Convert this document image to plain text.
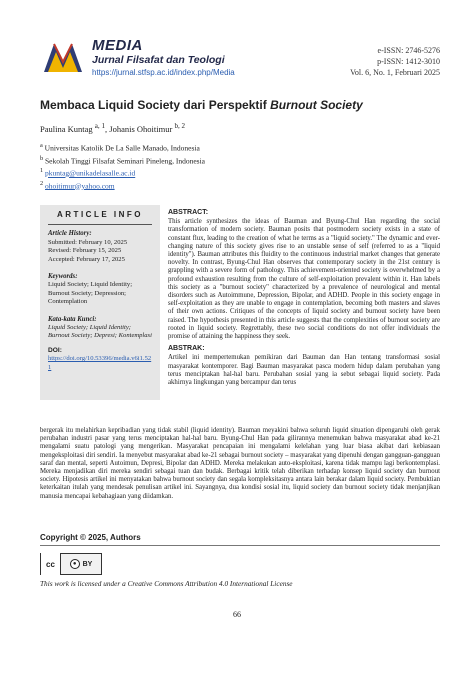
MEDIA
Jurnal Filsafat dan Teologi
https://jurnal.stfsp.ac.id/index.php/Media
e-ISSN: 2746-5276
p-ISSN: 1412-3010
Vol. 6, No. 1, Februari 2025
Membaca Liquid Society dari Perspektif Burnout Society
Paulina Kuntag $^{a, 1}$, Johanis Ohoitimur $^{b, 2}$
$^a$ Universitas Katolik De La Salle Manado, Indonesia
$^b$ Sekolah Tinggi Filsafat Seminari Pineleng, Indonesia
$^1$ pkuntag@unikadelasalle.ac.id
$^2$ ohoitimur@yahoo.com
ARTICLE INFO
Article History:
Submitted: February 10, 2025
Revised: February 15, 2025
Accepted: February 17, 2025
Keywords:
Liquid Society; Liquid Identity; Burnout Society; Depression; Contemplation
Kata-kata Kunci:
Liquid Society; Liquid Identity; Burnout Society; Depresi; Kontemplasi
DOI:
https://doi.org/10.53396/media.v6i1.521
ABSTRACT:
This article synthesizes the ideas of Bauman and Byung-Chul Han regarding the social transformation of modern society. Bauman posits that postmodern society exists in a state of constant flux, leading to the creation of what he terms as a "liquid society." The dynamic and ever-changing nature of this society gives rise to an unstable sense of self (referred to as a "liquid identity"). Bauman attributes this fluidity to the continuous industrial market changes that generate novelty. In contrast, Byung-Chul Han observes that contemporary society in the 21st century is grappling with a severe form of pathology. This achievement-oriented society is overwhelmed by a profound exhaustion resulting from the culture of self-exploitation prevalent within it. Han labels this society as a "burnout society" characterized by a prevalence of neurological and mental disorders such as Autoimmune, Depression, Bipolar, and ADHD. People in this society engage in self-exploitation as they are unable to engage in contemplation, becoming both masters and slaves of their own actions. Critiques of the concepts of liquid society and burnout society have been raised. The hypothesis presented in this article suggests that the complexities of burnout society are rooted in liquid society. Regrettably, these two social conditions do not offer individuals the promise of attaining the happiness they seek.
ABSTRAK:
Artikel ini mempertemukan pemikiran dari Bauman dan Han tentang transformasi sosial masyarakat kontemporer. Bagi Bauman masyarakat pasca modern hidup dalam perubahan yang terus menciptakan hal-hal baru. Perubahan sosial yang ia sebut sebagai liquid society. Pada akhirnya lingkungan yang bercampur dan terus
bergerak itu melahirkan kepribadian yang tidak stabil (liquid identity). Bauman meyakini bahwa seluruh liquid situation dipengaruhi oleh gerak perubahan industri pasar yang terus menciptakan hal-hal baru. Byung-Chul Han pada gilirannya menemukan bahwa masyarakat abad ke-21 mengalami suatu patologi yang mengerikan. Masyarakat pencapaian ini mengalami kelelahan yang luar biasa akibat dari kebiasaan mengeksploitasi diri sendiri. Ia menyebut masyarakat abad ke-21 sebagai burnout society – masyarakat yang dipenuhi dengan gangguan-gangguan saraf dan mental, seperti Autoimun, Depresi, Bipolar dan ADHD. Mereka melakukan auto-eksploitasi, karena tidak mampu lagi berkontemplasi. Mereka menjadikan diri mereka sendiri sebagai tuan dan budak. Berbagai kritik telah diberikan terhadap konsep liquid society dan burnout society. Hipotesis artikel ini menyatakan bahwa burnout society dan segala kompleksitasnya antara lain berakar dalam liquid society. Pembuktian keterkaitan itulah yang mendesak penulisan artikel ini. Sayangnya, dua kondisi sosial itu, liquid society dan burnout society tidak menjanjikan manusia mencapai kebahagiaan yang diidamkan.
Copyright © 2025, Authors
cc	● BY
This work is licensed under a Creative Commons Attribution 4.0 International License
66
